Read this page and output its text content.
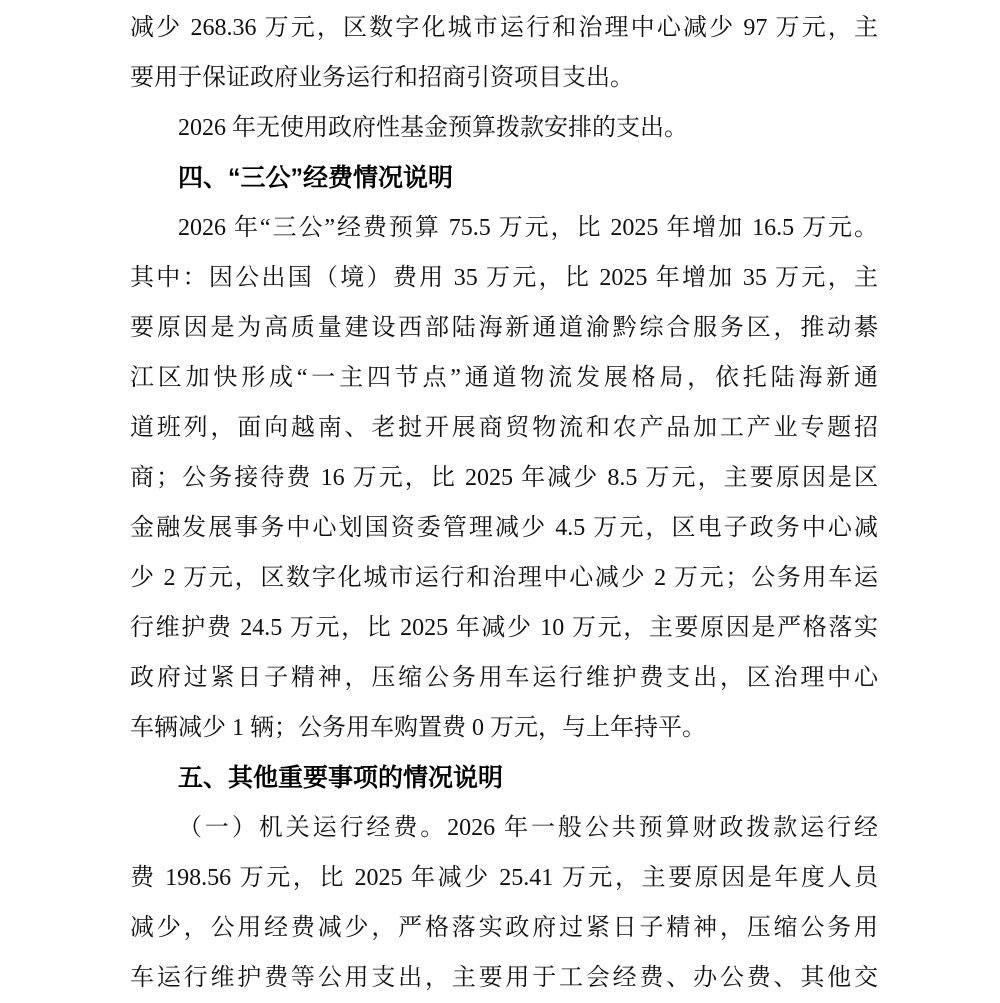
减少 268.36 万元，区数字化城市运行和治理中心减少 97 万元，主
要用于保证政府业务运行和招商引资项目支出。
2026 年无使用政府性基金预算拨款安排的支出。
四、“三公”经费情况说明
2026 年“三公”经费预算 75.5 万元，比 2025 年增加 16.5 万元。
其中：因公出国（境）费用 35 万元，比 2025 年增加 35 万元，主
要原因是为高质量建设西部陆海新通道渝黔综合服务区，推动綦
江区加快形成“一主四节点”通道物流发展格局，依托陆海新通
道班列，面向越南、老挝开展商贸物流和农产品加工产业专题招
商；公务接待费 16 万元，比 2025 年减少 8.5 万元，主要原因是区
金融发展事务中心划国资委管理减少 4.5 万元，区电子政务中心减
少 2 万元，区数字化城市运行和治理中心减少 2 万元；公务用车运
行维护费 24.5 万元，比 2025 年减少 10 万元，主要原因是严格落实
政府过紧日子精神，压缩公务用车运行维护费支出，区治理中心
车辆减少 1 辆；公务用车购置费 0 万元，与上年持平。
五、其他重要事项的情况说明
（一）机关运行经费。2026 年一般公共预算财政拨款运行经
费 198.56 万元，比 2025 年减少 25.41 万元，主要原因是年度人员
减少，公用经费减少，严格落实政府过紧日子精神，压缩公务用
车运行维护费等公用支出，主要用于工会经费、办公费、其他交
